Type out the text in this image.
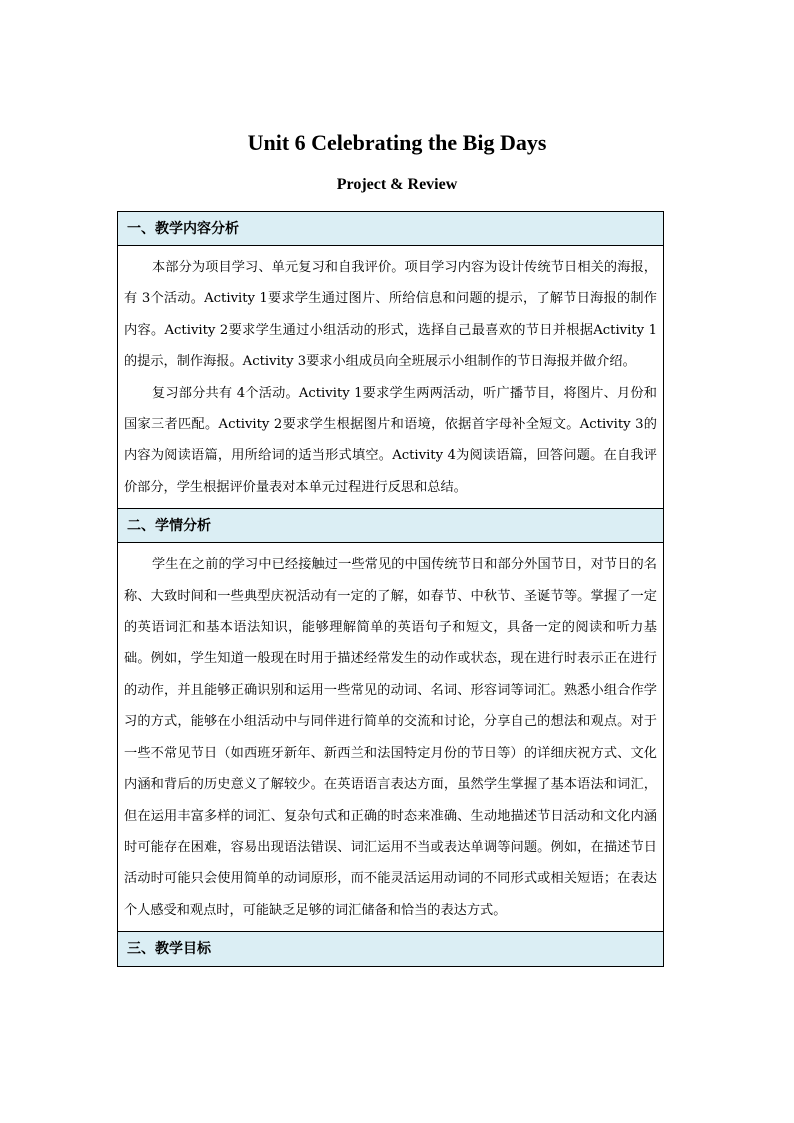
Unit 6 Celebrating the Big Days
Project & Review
一、教学内容分析

本部分为项目学习、单元复习和自我评价。项目学习内容为设计传统节日相关的海报，有 3个活动。Activity 1要求学生通过图片、所给信息和问题的提示，了解节日海报的制作内容。Activity 2要求学生通过小组活动的形式，选择自己最喜欢的节日并根据Activity 1的提示，制作海报。Activity 3要求小组成员向全班展示小组制作的节日海报并做介绍。

复习部分共有 4个活动。Activity 1要求学生两两活动，听广播节目，将图片、月份和国家三者匹配。Activity 2要求学生根据图片和语境，依据首字母补全短文。Activity 3的内容为阅读语篇，用所给词的适当形式填空。Activity 4为阅读语篇，回答问题。在自我评价部分，学生根据评价量表对本单元过程进行反思和总结。

二、学情分析

学生在之前的学习中已经接触过一些常见的中国传统节日和部分外国节日，对节日的名称、大致时间和一些典型庆祝活动有一定的了解，如春节、中秋节、圣诞节等。掌握了一定的英语词汇和基本语法知识，能够理解简单的英语句子和短文，具备一定的阅读和听力基础。例如，学生知道一般现在时用于描述经常发生的动作或状态，现在进行时表示正在进行的动作，并且能够正确识别和运用一些常见的动词、名词、形容词等词汇。熟悉小组合作学习的方式，能够在小组活动中与同伴进行简单的交流和讨论，分享自己的想法和观点。对于一些不常见节日（如西班牙新年、新西兰和法国特定月份的节日等）的详细庆祝方式、文化内涵和背后的历史意义了解较少。在英语语言表达方面，虽然学生掌握了基本语法和词汇，但在运用丰富多样的词汇、复杂句式和正确的时态来准确、生动地描述节日活动和文化内涵时可能存在困难，容易出现语法错误、词汇运用不当或表达单调等问题。例如，在描述节日活动时可能只会使用简单的动词原形，而不能灵活运用动词的不同形式或相关短语；在表达个人感受和观点时，可能缺乏足够的词汇储备和恰当的表达方式。

三、教学目标
